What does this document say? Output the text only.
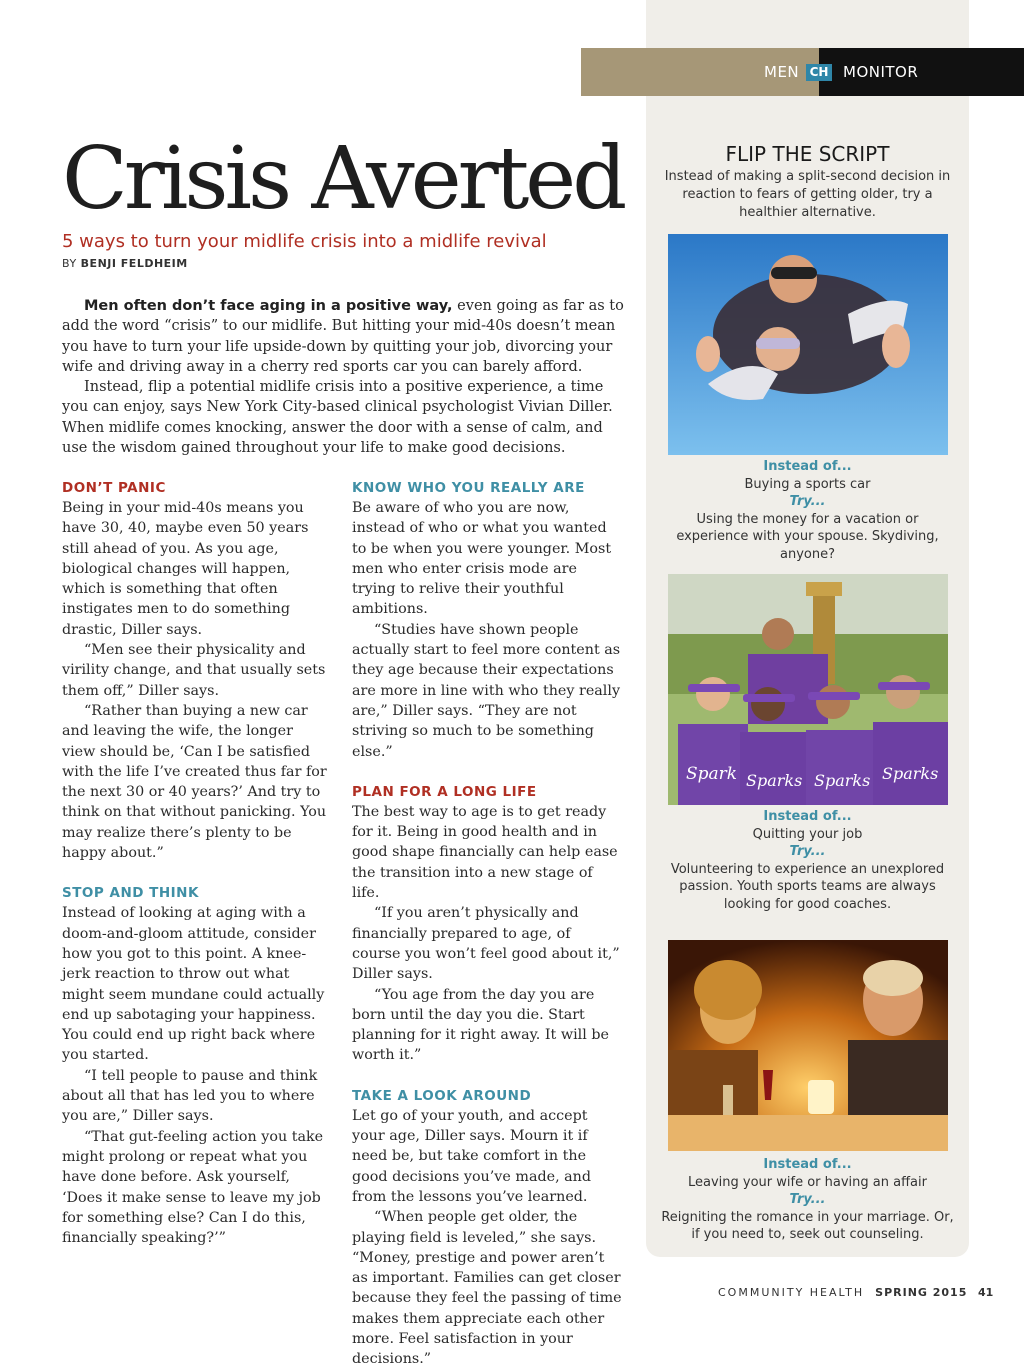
MEN CH MONITOR
Crisis Averted
5 ways to turn your midlife crisis into a midlife revival
BY BENJI FELDHEIM

Men often don’t face aging in a positive way, even going as far as to add the word “crisis” to our midlife. But hitting your mid-40s doesn’t mean you have to turn your life upside-down by quitting your job, divorcing your wife and driving away in a cherry red sports car you can barely afford.

Instead, flip a potential midlife crisis into a positive experience, a time you can enjoy, says New York City-based clinical psychologist Vivian Diller. When midlife comes knocking, answer the door with a sense of calm, and use the wisdom gained throughout your life to make good decisions.

DON’T PANIC

Being in your mid-40s means you have 30, 40, maybe even 50 years still ahead of you. As you age, biological changes will happen, which is something that often instigates men to do something drastic, Diller says.

“Men see their physicality and virility change, and that usually sets them off,” Diller says.

“Rather than buying a new car and leaving the wife, the longer view should be, ‘Can I be satisfied with the life I’ve created thus far for the next 30 or 40 years?’ And try to think on that without panicking. You may realize there’s plenty to be happy about.”

STOP AND THINK

Instead of looking at aging with a doom-and-gloom attitude, consider how you got to this point. A knee-jerk reaction to throw out what might seem mundane could actually end up sabotaging your happiness. You could end up right back where you started.

“I tell people to pause and think about all that has led you to where you are,” Diller says.

“That gut-feeling action you take might prolong or repeat what you have done before. Ask yourself, ‘Does it make sense to leave my job for something else? Can I do this, financially speaking?’”

KNOW WHO YOU REALLY ARE

Be aware of who you are now, instead of who or what you wanted to be when you were younger. Most men who enter crisis mode are trying to relive their youthful ambitions.

“Studies have shown people actually start to feel more content as they age because their expectations are more in line with who they really are,” Diller says. “They are not striving so much to be something else.”

PLAN FOR A LONG LIFE

The best way to age is to get ready for it. Being in good health and in good shape financially can help ease the transition into a new stage of life.

“If you aren’t physically and financially prepared to age, of course you won’t feel good about it,” Diller says.

“You age from the day you are born until the day you die. Start planning for it right away. It will be worth it.”

TAKE A LOOK AROUND

Let go of your youth, and accept your age, Diller says. Mourn it if need be, but take comfort in the good decisions you’ve made, and from the lessons you’ve learned.

“When people get older, the playing field is leveled,” she says. “Money, prestige and power aren’t as important. Families can get closer because they feel the passing of time makes them appreciate each other more. Feel satisfaction in your decisions.”

FLIP THE SCRIPT
Instead of making a split-second decision in reaction to fears of getting older, try a healthier alternative.
Instead of...
Buying a sports car
Try...
Using the money for a vacation or experience with your spouse. Skydiving, anyone?
Spark Sparks Sparks Sparks
Instead of...
Quitting your job
Try...
Volunteering to experience an unexplored passion. Youth sports teams are always looking for good coaches.
Instead of...
Leaving your wife or having an affair
Try...
Reigniting the romance in your marriage. Or, if you need to, seek out counseling.
COMMUNITY HEALTH SPRING 2015 41
